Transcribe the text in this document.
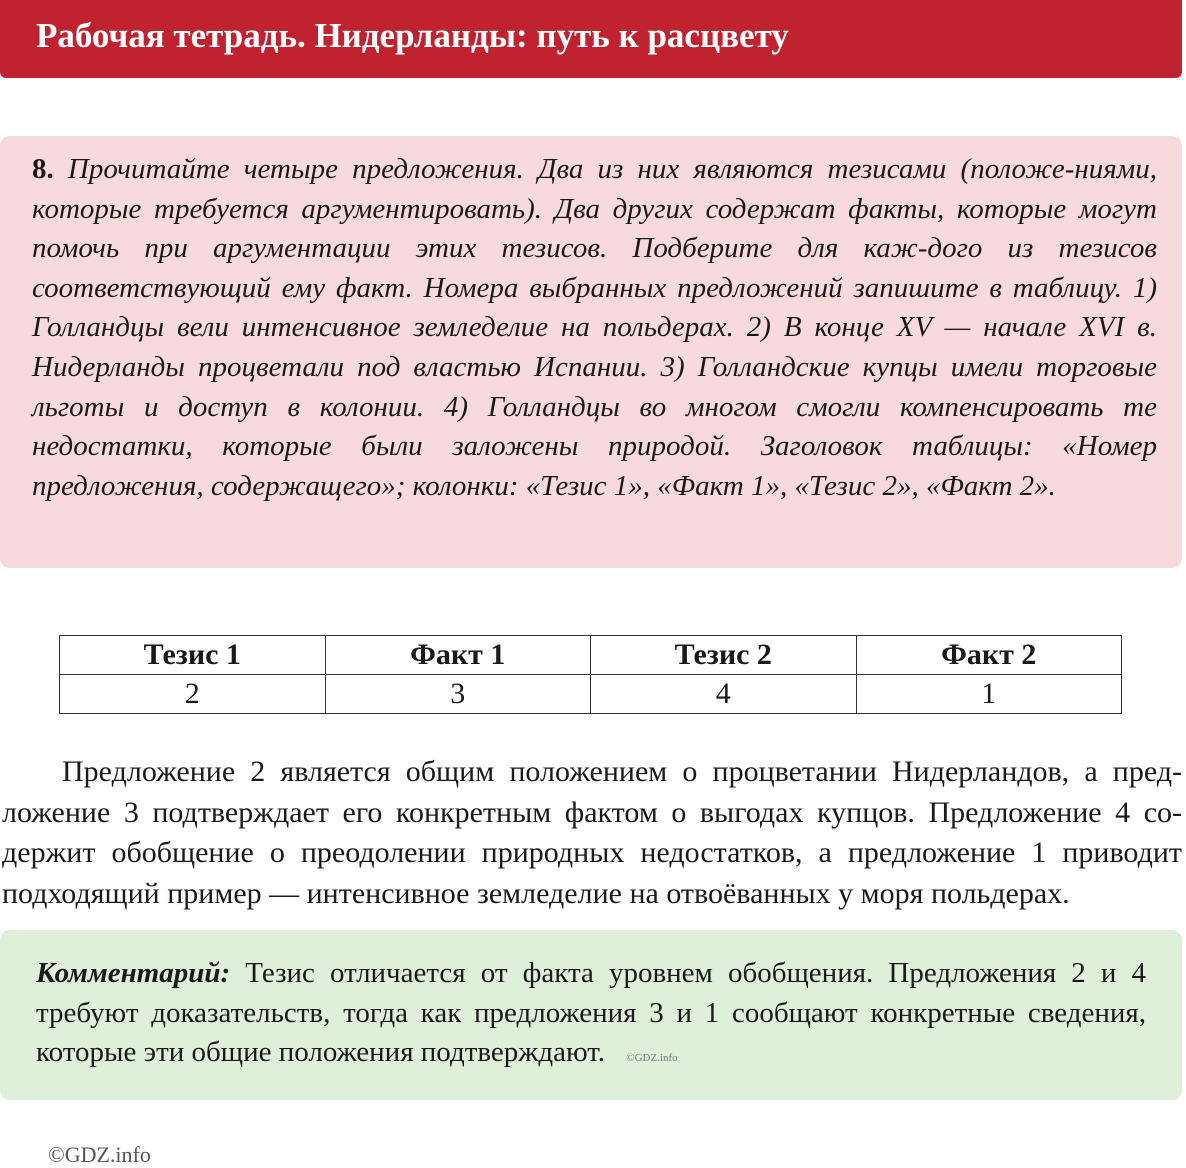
Рабочая тетрадь. Нидерланды: путь к расцвету

8. Прочитайте четыре предложения. Два из них являются тезисами (положе-ниями, которые требуется аргументировать). Два других содержат факты, которые могут помочь при аргументации этих тезисов. Подберите для каж-дого из тезисов соответствующий ему факт. Номера выбранных предложений запишите в таблицу. 1) Голландцы вели интенсивное земледелие на польдерах. 2) В конце XV — начале XVI в. Нидерланды процветали под властью Испании. 3) Голландские купцы имели торговые льготы и доступ в колонии. 4) Голландцы во многом смогли компенсировать те недостатки, которые были заложены природой. Заголовок таблицы: «Номер предложения, содержащего»; колонки: «Тезис 1», «Факт 1», «Тезис 2», «Факт 2».

Тезис 1	Факт 1	Тезис 2	Факт 2
2	3	4	1

Предложение 2 является общим положением о процветании Нидерландов, а пред-ложение 3 подтверждает его конкретным фактом о выгодах купцов. Предложение 4 со-держит обобщение о преодолении природных недостатков, а предложение 1 приводит подходящий пример — интенсивное земледелие на отвоёванных у моря польдерах.

Комментарий: Тезис отличается от факта уровнем обобщения. Предложения 2 и 4 требуют доказательств, тогда как предложения 3 и 1 сообщают конкретные сведения, которые эти общие положения подтверждают. ©GDZ.info

©GDZ.info
